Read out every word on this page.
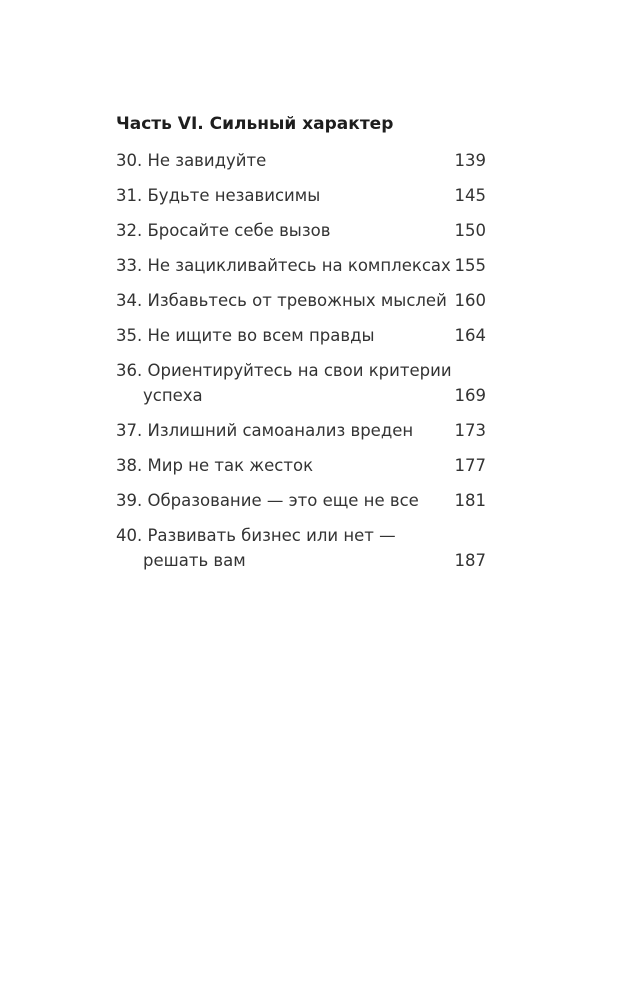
Часть VI. Сильный характер
30. Не завидуйте	139
31. Будьте независимы	145
32. Бросайте себе вызов	150
33. Не зацикливайтесь на комплексах 155
34. Избавьтесь от тревожных мыслей 160
35. Не ищите во всем правды	164
36. Ориентируйтесь на свои критерии
успеха	169
37. Излишний самоанализ вреден	173
38. Мир не так жесток	177
39. Образование — это еще не все	181
40. Развивать бизнес или нет —
решать вам	187
